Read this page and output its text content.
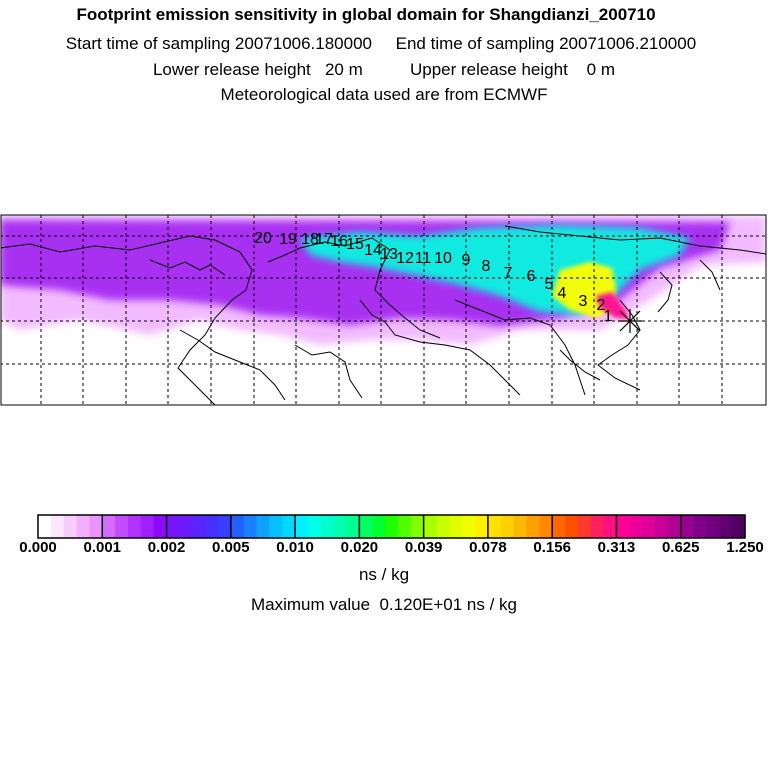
Footprint emission sensitivity in global domain for Shangdianzi_200710
Start time of sampling 20071006.180000     End time of sampling 20071006.210000
Lower release height   20 m          Upper release height    0 m
Meteorological data used are from ECMWF
20 19 18
17
16
15 14
13
12 11 10 9 8 7 6 5
4 3 2
1
0.000 0.001 0.002 0.005 0.010 0.020 0.039 0.078 0.156 0.313 0.625 1.250
ns / kg
Maximum value  0.120E+01 ns / kg
